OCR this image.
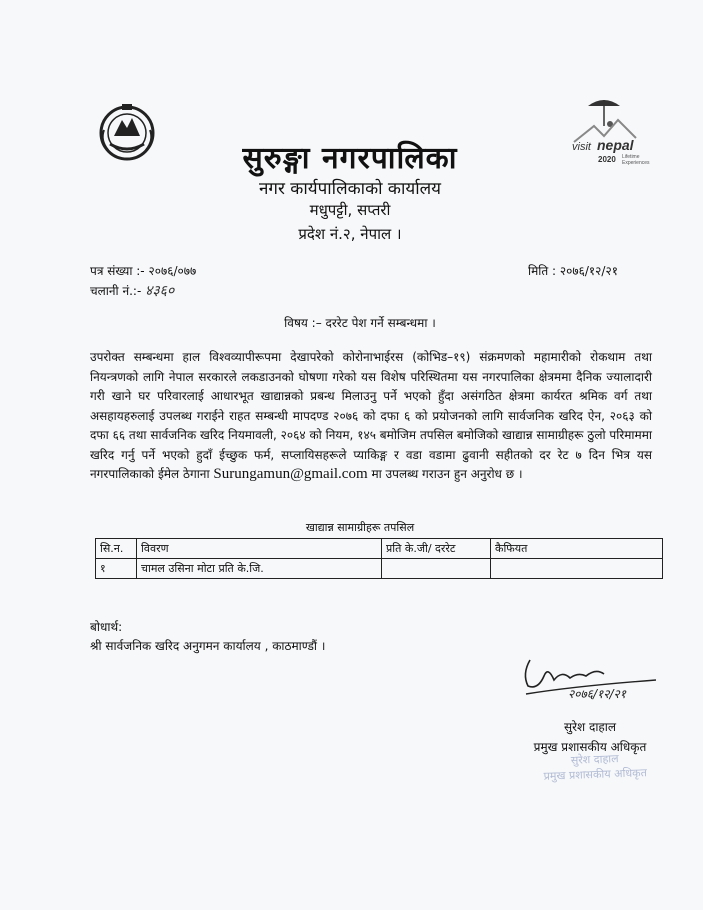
visit nepal
2020 Lifetime
Experiences
सुरुङ्गा नगरपालिका
नगर कार्यपालिकाको कार्यालय
मधुपट्टी, सप्तरी
प्रदेश नं.२, नेपाल ।
पत्र संख्या :- २०७६/०७७
चलानी नं.:- ४३६०
मिति : २०७६/१२/२१
विषय :– दररेट पेश गर्ने सम्बन्धमा ।
उपरोक्त सम्बन्धमा हाल विश्वव्यापीरूपमा देखापरेको कोरोनाभाईरस (कोभिड–१९) संक्रमणको महामारीको रोकथाम तथा नियन्त्रणको लागि नेपाल सरकारले लकडाउनको घोषणा गरेको यस विशेष परिस्थितमा यस नगरपालिका क्षेत्रममा दैनिक ज्यालादारी गरी खाने घर परिवारलाई आधारभूत खाद्यान्नको प्रबन्ध मिलाउनु पर्ने भएको हुँदा असंगठित क्षेत्रमा कार्यरत श्रमिक वर्ग तथा असहायहरुलाई उपलब्ध गराईने राहत सम्बन्धी मापदण्ड २०७६ को दफा ६ को प्रयोजनको लागि सार्वजनिक खरिद ऐन, २०६३ को दफा ६६ तथा सार्वजनिक खरिद नियमावली, २०६४ को नियम, १४५ बमोजिम तपसिल बमोजिको खाद्यान्न सामाग्रीहरू ठुलो परिमाममा खरिद गर्नु पर्ने भएको हुदाँ ईच्छुक फर्म, सप्लायिसहरूले प्याकिङ्ग र वडा वडामा ढुवानी सहीतको दर रेट ७ दिन भित्र यस नगरपालिकाको ईमेल ठेगाना Surungamun@gmail.com मा उपलब्ध गराउन हुन अनुरोध छ ।
खाद्यान्न सामाग्रीहरू तपसिल
सि.न.	विवरण	प्रति के.जी/ दररेट	कैफियत
१	चामल उसिना मोटा प्रति के.जि.		
बोधार्थ:
श्री सार्वजनिक खरिद अनुगमन कार्यालय , काठमाण्डौं ।
२०७६/१२/२१
सुरेश दाहाल
प्रमुख प्रशासकीय अधिकृत
सुरेश दाहाल
प्रमुख प्रशासकीय अधिकृत
